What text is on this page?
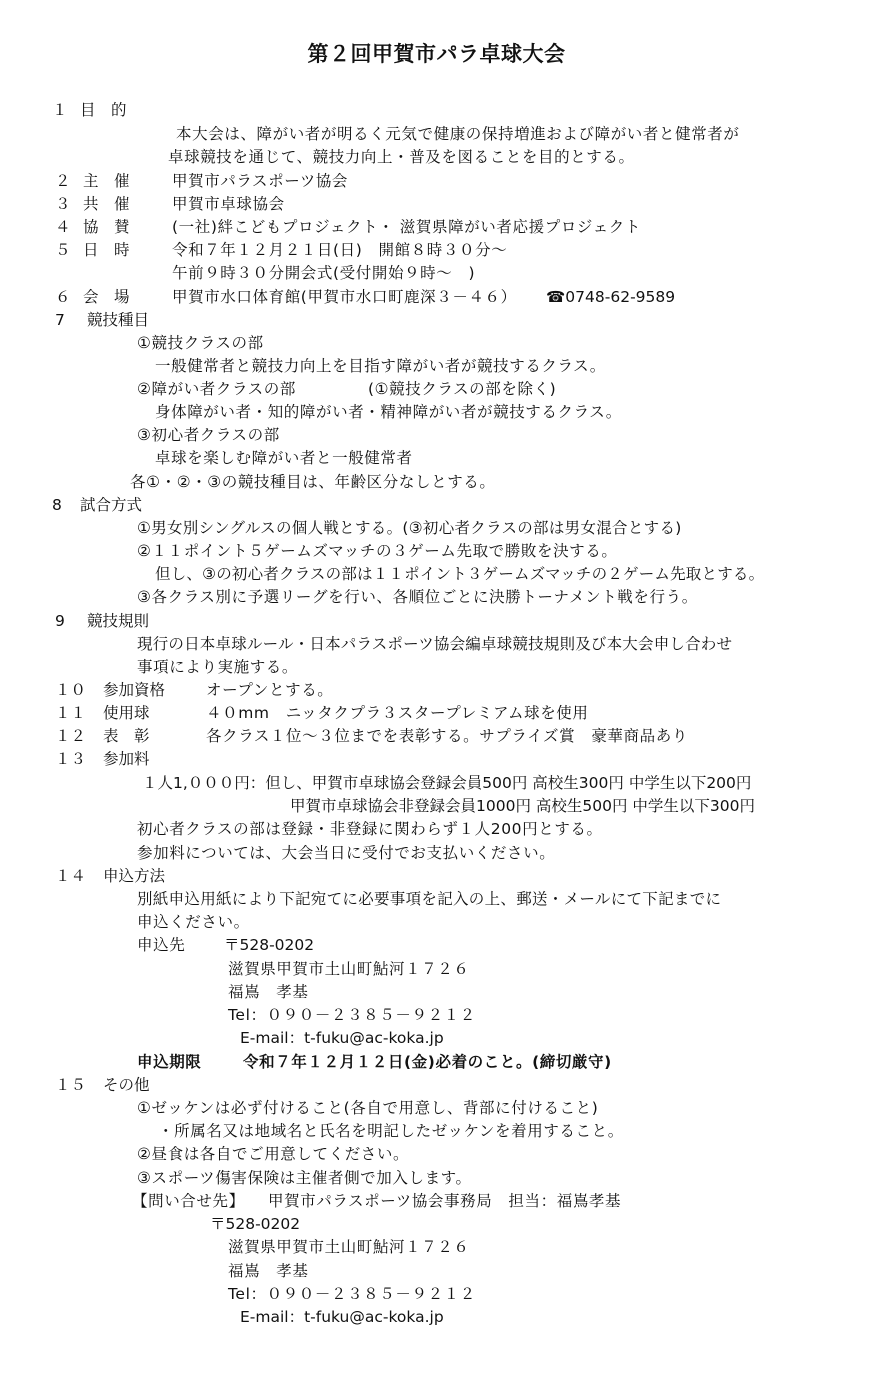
第２回甲賀市パラ卓球大会
１ 目　的
本大会は、障がい者が明るく元気で健康の保持増進および障がい者と健常者が
卓球競技を通じて、競技力向上・普及を図ることを目的とする。
２ 主　催	甲賀市パラスポーツ協会
３ 共　催	甲賀市卓球協会
４ 協　賛	(一社)絆こどもプロジェクト・ 滋賀県障がい者応援プロジェクト
５ 日　時	令和７年１２月２１日(日)　開館８時３０分～
午前９時３０分開会式(受付開始９時～　)
６ 会　場	甲賀市水口体育館(甲賀市水口町鹿深３－４６） ☎0748-62-9589
7 競技種目
①競技クラスの部
一般健常者と競技力向上を目指す障がい者が競技するクラス。
②障がい者クラスの部	(①競技クラスの部を除く)
身体障がい者・知的障がい者・精神障がい者が競技するクラス。
③初心者クラスの部
卓球を楽しむ障がい者と一般健常者
各①・②・③の競技種目は、年齢区分なしとする。
8 試合方式
①男女別シングルスの個人戦とする。(③初心者クラスの部は男女混合とする)
②１１ポイント５ゲームズマッチの３ゲーム先取で勝敗を決する。
但し、③の初心者クラスの部は１１ポイント３ゲームズマッチの２ゲーム先取とする。
③各クラス別に予選リーグを行い、各順位ごとに決勝トーナメント戦を行う。
9 競技規則
現行の日本卓球ルール・日本パラスポーツ協会編卓球競技規則及び本大会申し合わせ
事項により実施する。
１０ 参加資格	オープンとする。
１１ 使用球	４０mm　ニッタクプラ３スタープレミアム球を使用
１２ 表　彰	各クラス１位～３位までを表彰する。サプライズ賞　豪華商品あり
１３ 参加料
１人1,０００円：但し、甲賀市卓球協会登録会員500円 高校生300円 中学生以下200円
甲賀市卓球協会非登録会員1000円 高校生500円 中学生以下300円
初心者クラスの部は登録・非登録に関わらず１人200円とする。
参加料については、大会当日に受付でお支払いください。
１４ 申込方法
別紙申込用紙により下記宛てに必要事項を記入の上、郵送・メールにて下記までに
申込ください。
申込先 〒528-0202
滋賀県甲賀市土山町鮎河１７２６
福嶌　孝基
Tel：０９０－２３８５－９２１２
E-mail：t-fuku@ac-koka.jp
申込期限	令和７年１２月１２日(金)必着のこと。(締切厳守)
１５ その他
①ゼッケンは必ず付けること(各自で用意し、背部に付けること)
・所属名又は地域名と氏名を明記したゼッケンを着用すること。
②昼食は各自でご用意してください。
③スポーツ傷害保険は主催者側で加入します。
【問い合せ先】 甲賀市パラスポーツ協会事務局　担当：福嶌孝基
〒528-0202
滋賀県甲賀市土山町鮎河１７２６
福嶌　孝基
Tel：０９０－２３８５－９２１２
E-mail：t-fuku@ac-koka.jp
